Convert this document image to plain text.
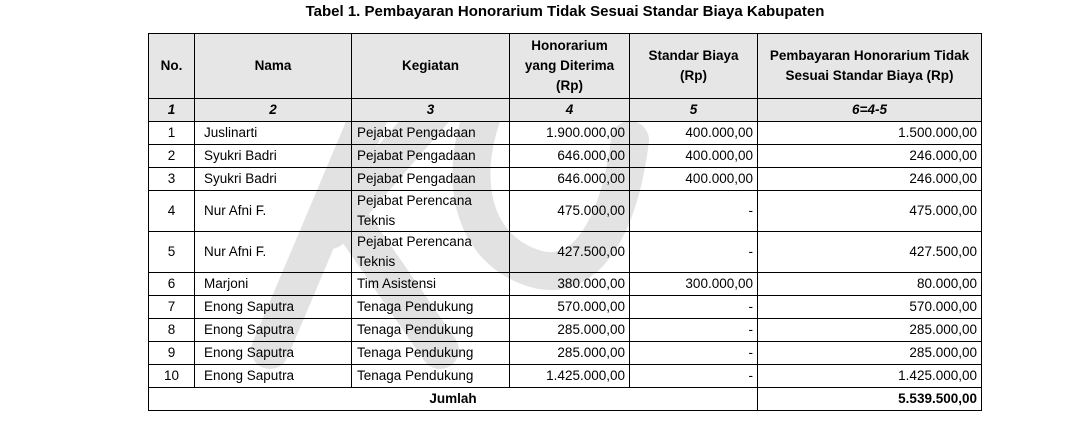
Tabel 1. Pembayaran Honorarium Tidak Sesuai Standar Biaya Kabupaten
No.	Nama	Kegiatan	Honorarium yang Diterima (Rp)	Standar Biaya (Rp)	Pembayaran Honorarium Tidak Sesuai Standar Biaya (Rp)
1	2	3	4	5	6=4-5
1	Juslinarti	Pejabat Pengadaan	1.900.000,00	400.000,00	1.500.000,00
2	Syukri Badri	Pejabat Pengadaan	646.000,00	400.000,00	246.000,00
3	Syukri Badri	Pejabat Pengadaan	646.000,00	400.000,00	246.000,00
4	Nur Afni F.	Pejabat Perencana Teknis	475.000,00	-	475.000,00
5	Nur Afni F.	Pejabat Perencana Teknis	427.500,00	-	427.500,00
6	Marjoni	Tim Asistensi	380.000,00	300.000,00	80.000,00
7	Enong Saputra	Tenaga Pendukung	570.000,00	-	570.000,00
8	Enong Saputra	Tenaga Pendukung	285.000,00	-	285.000,00
9	Enong Saputra	Tenaga Pendukung	285.000,00	-	285.000,00
10	Enong Saputra	Tenaga Pendukung	1.425.000,00	-	1.425.000,00
Jumlah					5.539.500,00
